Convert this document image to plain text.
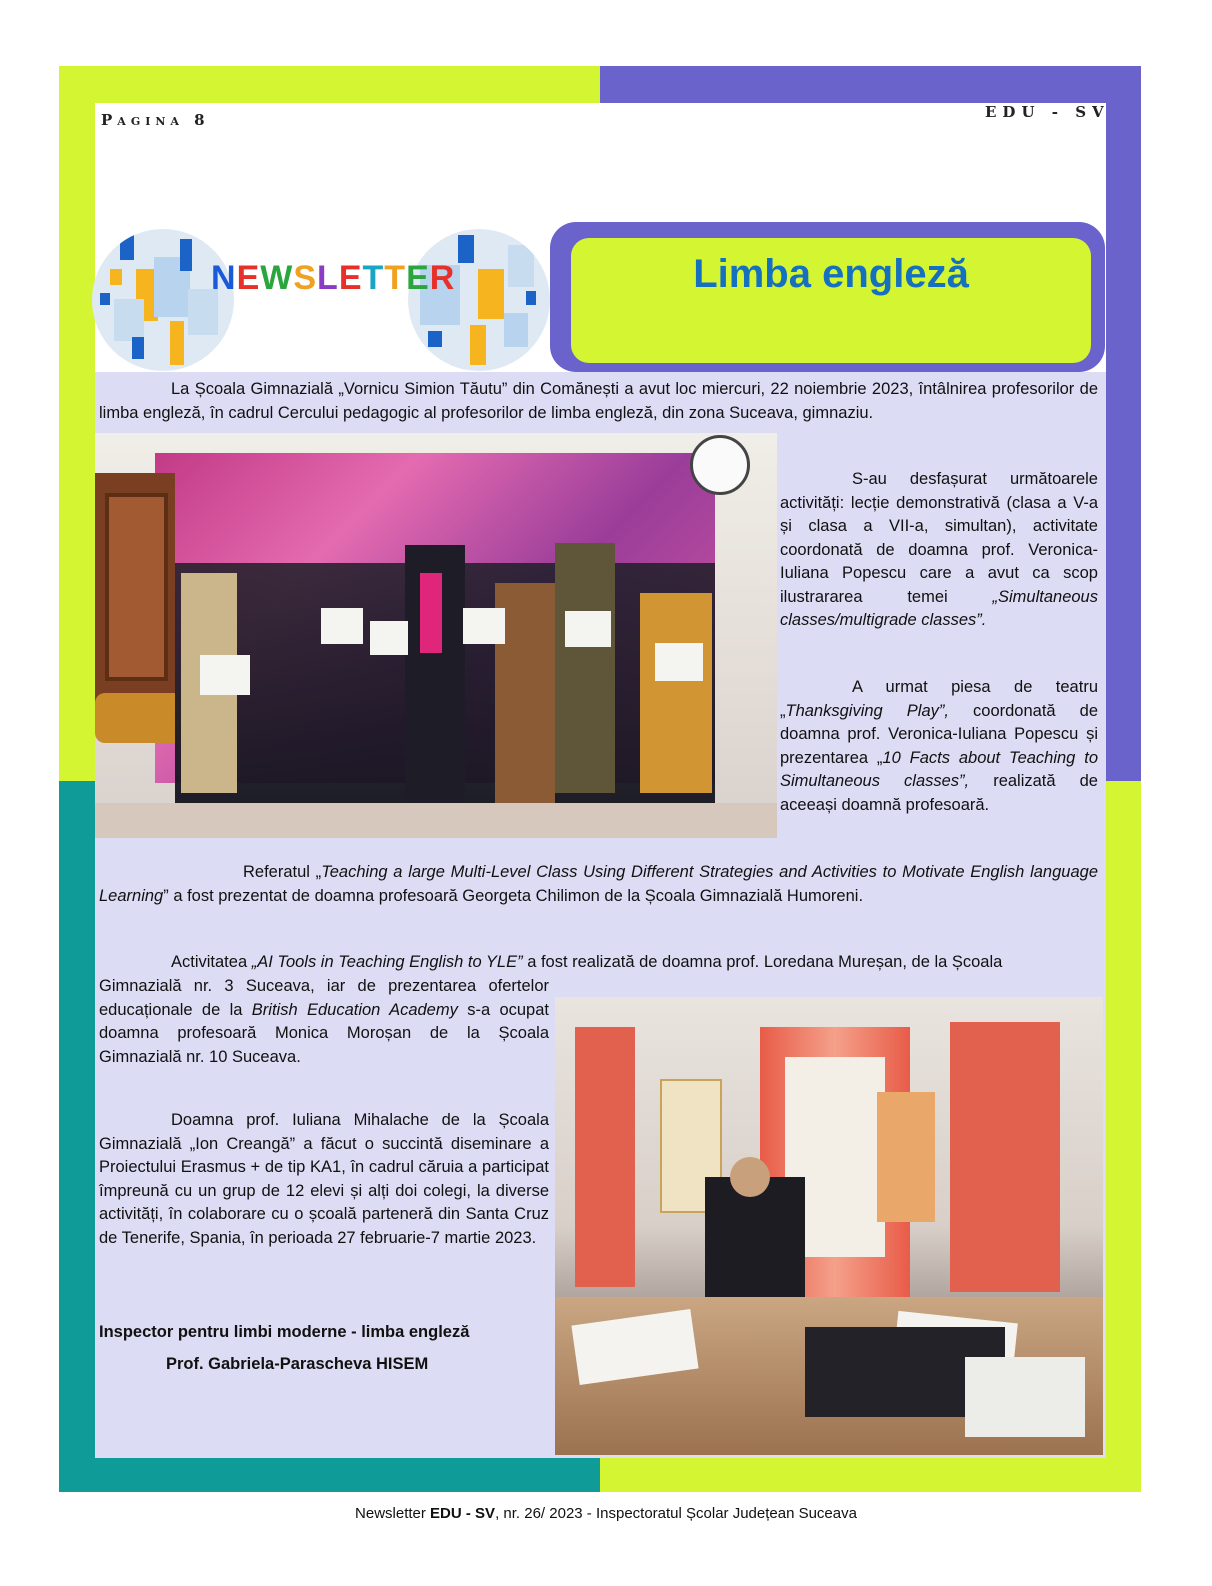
Pagina 8	EDU - SV
NEWSLETTER	Limba engleză
La Școala Gimnazială „Vornicu Simion Tăutu” din Comănești a avut loc miercuri, 22 noiembrie 2023, întâlnirea profesorilor de limba engleză, în cadrul Cercului pedagogic al profesorilor de limba engleză, din zona Suceava, gimnaziu.
S-au desfașurat următoarele activități: lecție demonstrativă (clasa a V-a și clasa a VII-a, simultan), activitate coordonată de doamna prof. Veronica-Iuliana Popescu care a avut ca scop ilustrararea temei „Simultaneous classes/multigrade classes”.
A urmat piesa de teatru „Thanksgiving Play”, coordonată de doamna prof. Veronica-Iuliana Popescu și prezentarea „10 Facts about Teaching to Simultaneous classes”, realizată de aceeași doamnă profesoară.
Referatul „Teaching a large Multi-Level Class Using Different Strategies and Activities to Motivate English language Learning” a fost prezentat de doamna profesoară Georgeta Chilimon de la Școala Gimnazială Humoreni.
Activitatea „AI Tools in Teaching English to YLE” a fost realizată de doamna prof. Loredana Mureșan, de la Școala
Gimnazială nr. 3 Suceava, iar de prezentarea ofertelor educaționale de la British Education Academy s-a ocupat doamna profesoară Monica Moroșan de la Școala Gimnazială nr. 10 Suceava.
Doamna prof. Iuliana Mihalache de la Școala Gimnazială „Ion Creangă” a făcut o succintă diseminare a Proiectului Erasmus + de tip KA1, în cadrul căruia a participat împreună cu un grup de 12 elevi și alți doi colegi, la diverse activități, în colaborare cu o școală parteneră din Santa Cruz de Tenerife, Spania, în perioada 27 februarie-7 martie 2023.
Inspector pentru limbi moderne - limba engleză
Prof. Gabriela-Parascheva HISEM
Newsletter EDU - SV, nr. 26/ 2023 - Inspectoratul Școlar Județean Suceava
